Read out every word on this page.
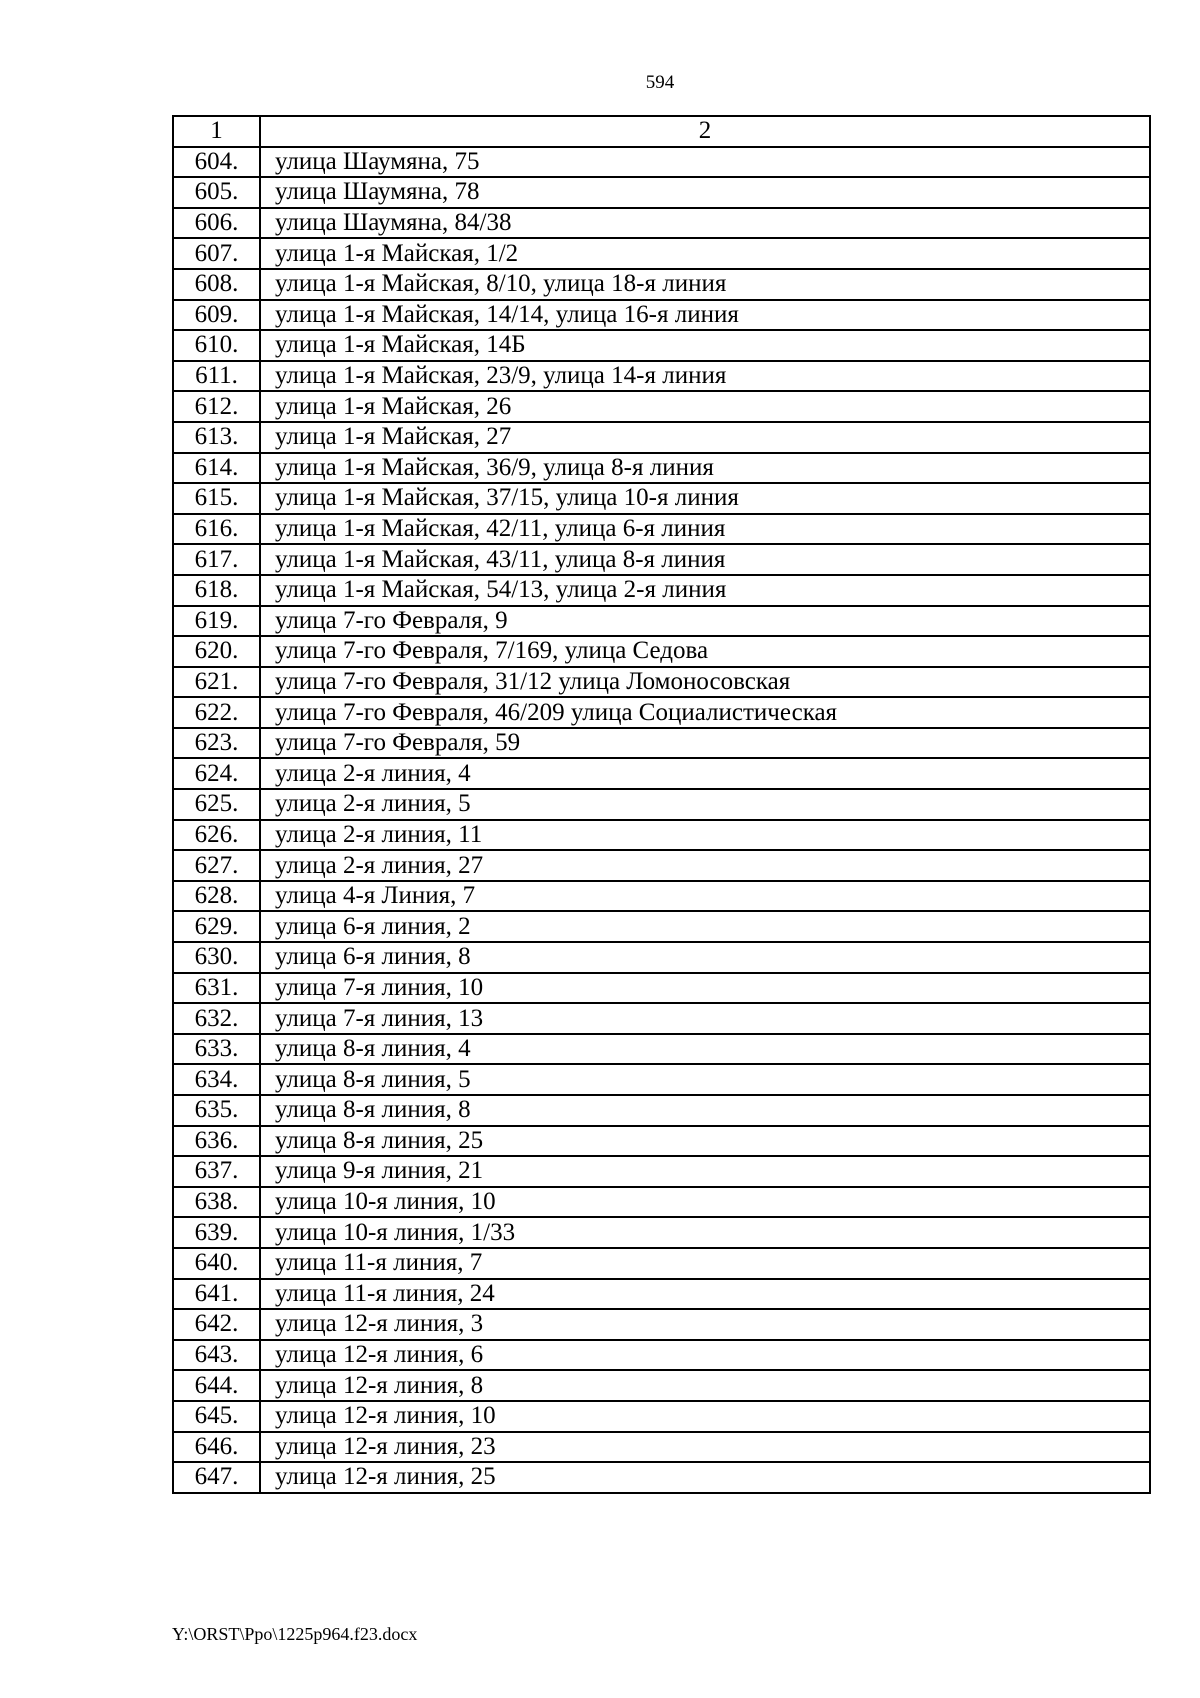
594
1	2
604.	улица Шаумяна, 75
605.	улица Шаумяна, 78
606.	улица Шаумяна, 84/38
607.	улица 1-я Майская, 1/2
608.	улица 1-я Майская, 8/10, улица 18-я линия
609.	улица 1-я Майская, 14/14, улица 16-я линия
610.	улица 1-я Майская, 14Б
611.	улица 1-я Майская, 23/9, улица 14-я линия
612.	улица 1-я Майская, 26
613.	улица 1-я Майская, 27
614.	улица 1-я Майская, 36/9, улица 8-я линия
615.	улица 1-я Майская, 37/15, улица 10-я линия
616.	улица 1-я Майская, 42/11, улица 6-я линия
617.	улица 1-я Майская, 43/11, улица 8-я линия
618.	улица 1-я Майская, 54/13, улица 2-я линия
619.	улица 7-го Февраля, 9
620.	улица 7-го Февраля, 7/169, улица Седова
621.	улица 7-го Февраля, 31/12 улица Ломоносовская
622.	улица 7-го Февраля, 46/209 улица Социалистическая
623.	улица 7-го Февраля, 59
624.	улица 2-я линия, 4
625.	улица 2-я линия, 5
626.	улица 2-я линия, 11
627.	улица 2-я линия, 27
628.	улица 4-я Линия, 7
629.	улица 6-я линия, 2
630.	улица 6-я линия, 8
631.	улица 7-я линия, 10
632.	улица 7-я линия, 13
633.	улица 8-я линия, 4
634.	улица 8-я линия, 5
635.	улица 8-я линия, 8
636.	улица 8-я линия, 25
637.	улица 9-я линия, 21
638.	улица 10-я линия, 10
639.	улица 10-я линия, 1/33
640.	улица 11-я линия, 7
641.	улица 11-я линия, 24
642.	улица 12-я линия, 3
643.	улица 12-я линия, 6
644.	улица 12-я линия, 8
645.	улица 12-я линия, 10
646.	улица 12-я линия, 23
647.	улица 12-я линия, 25
Y:\ORST\Ppo\1225p964.f23.docx
